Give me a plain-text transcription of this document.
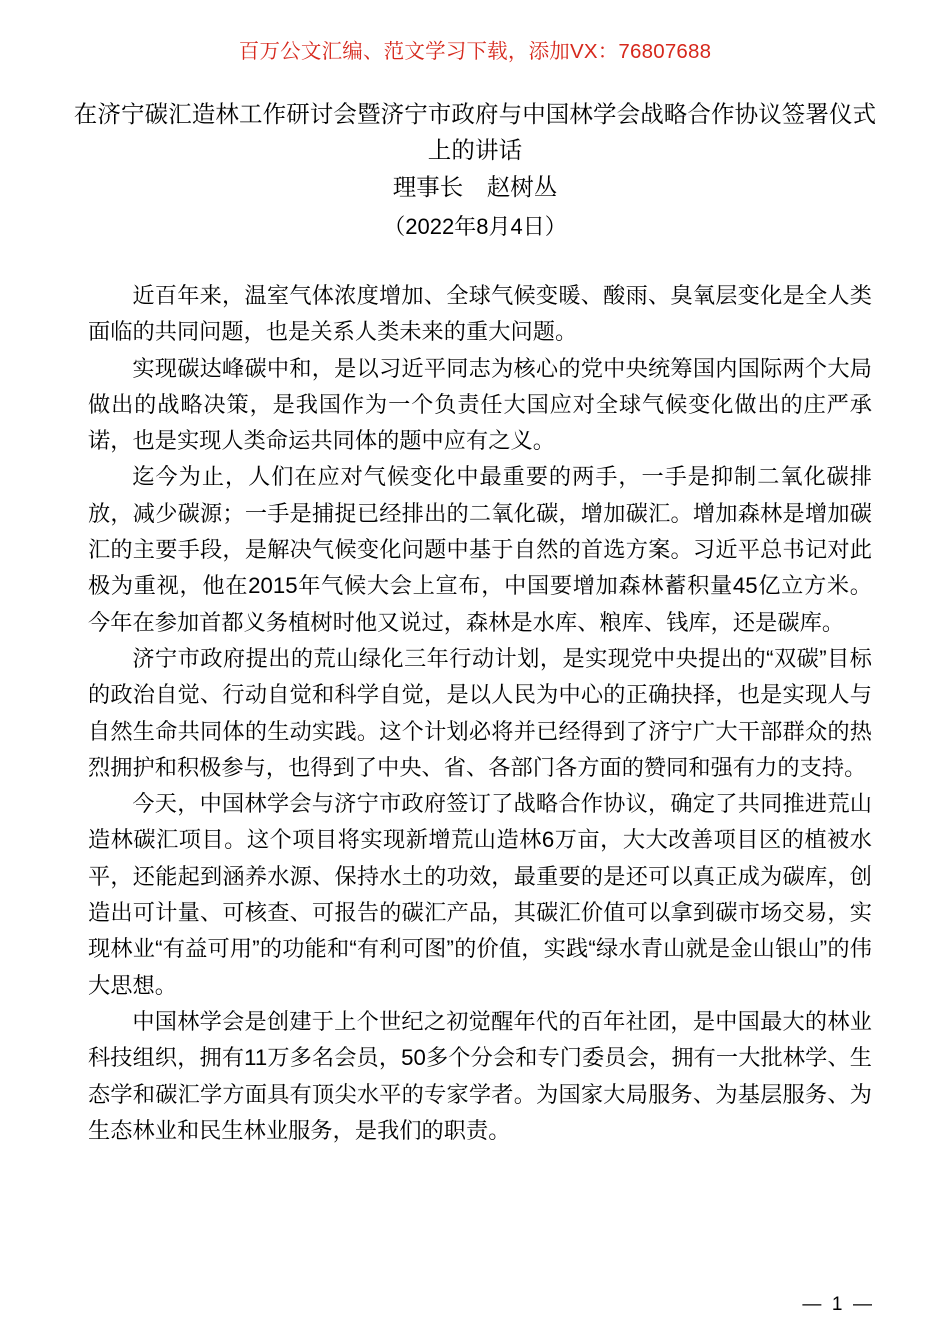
百万公文汇编、范文学习下载，添加VX：76807688
在济宁碳汇造林工作研讨会暨济宁市政府与中国林学会战略合作协议签署仪式上的讲话
理事长　赵树丛
（2022年8月4日）

近百年来，温室气体浓度增加、全球气候变暖、酸雨、臭氧层变化是全人类面临的共同问题，也是关系人类未来的重大问题。

实现碳达峰碳中和，是以习近平同志为核心的党中央统筹国内国际两个大局做出的战略决策，是我国作为一个负责任大国应对全球气候变化做出的庄严承诺，也是实现人类命运共同体的题中应有之义。

迄今为止，人们在应对气候变化中最重要的两手，一手是抑制二氧化碳排放，减少碳源；一手是捕捉已经排出的二氧化碳，增加碳汇。增加森林是增加碳汇的主要手段，是解决气候变化问题中基于自然的首选方案。习近平总书记对此极为重视，他在2015年气候大会上宣布，中国要增加森林蓄积量45亿立方米。今年在参加首都义务植树时他又说过，森林是水库、粮库、钱库，还是碳库。

济宁市政府提出的荒山绿化三年行动计划，是实现党中央提出的“双碳”目标的政治自觉、行动自觉和科学自觉，是以人民为中心的正确抉择，也是实现人与自然生命共同体的生动实践。这个计划必将并已经得到了济宁广大干部群众的热烈拥护和积极参与，也得到了中央、省、各部门各方面的赞同和强有力的支持。

今天，中国林学会与济宁市政府签订了战略合作协议，确定了共同推进荒山造林碳汇项目。这个项目将实现新增荒山造林6万亩，大大改善项目区的植被水平，还能起到涵养水源、保持水土的功效，最重要的是还可以真正成为碳库，创造出可计量、可核查、可报告的碳汇产品，其碳汇价值可以拿到碳市场交易，实现林业“有益可用”的功能和“有利可图”的价值，实践“绿水青山就是金山银山”的伟大思想。

中国林学会是创建于上个世纪之初觉醒年代的百年社团，是中国最大的林业科技组织，拥有11万多名会员，50多个分会和专门委员会，拥有一大批林学、生态学和碳汇学方面具有顶尖水平的专家学者。为国家大局服务、为基层服务、为生态林业和民生林业服务，是我们的职责。

—  1  —
